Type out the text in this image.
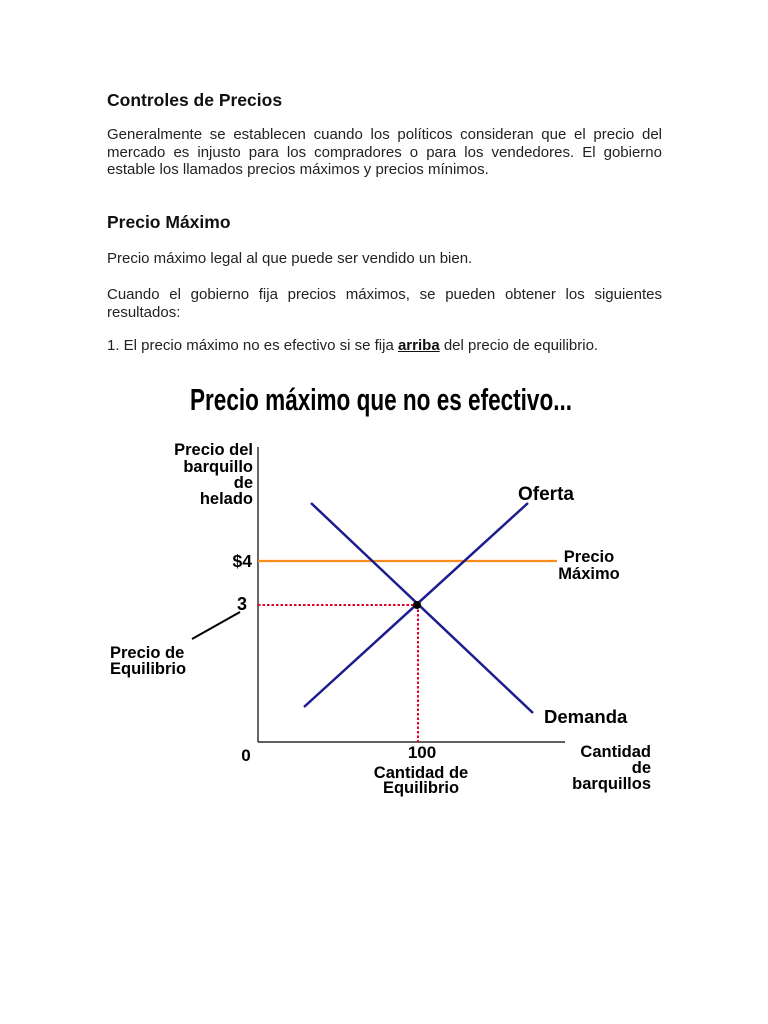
Controles de Precios

Generalmente se establecen cuando los políticos consideran que el precio del mercado es injusto para los compradores o para los vendedores. El gobierno estable los llamados precios máximos y precios mínimos.

Precio Máximo

Precio máximo legal al que puede ser vendido un bien.

Cuando el gobierno fija precios máximos, se pueden obtener los siguientes resultados:

1. El precio máximo no es efectivo si se fija arriba del precio de equilibrio.

Precio máximo que no es efectivo...
Precio del
barquillo
de
helado
$4
3
Precio de
Equilibrio
Oferta
Precio
Máximo
Demanda
0	100
Cantidad de
Equilibrio
Cantidad
de
barquillos
